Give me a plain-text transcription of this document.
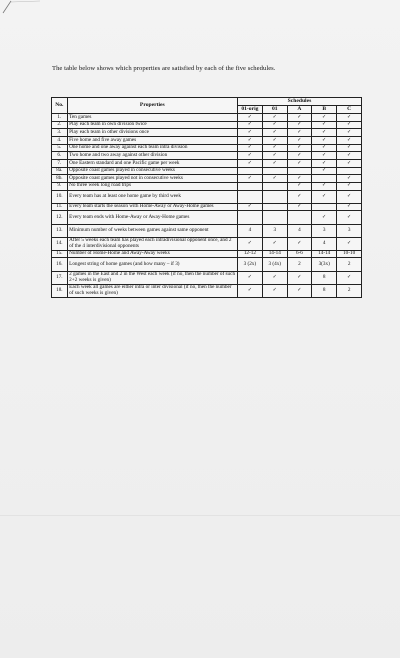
The table below shows which properties are satisfied by each of the five schedules.
No.	Properties	Schedules				
		01-orig	01	A	B	C
1.	Ten games	✓	✓	✓	✓	✓
2.	Play each team in own division twice	✓	✓	✓	✓	✓
3.	Play each team in other divisions once	✓	✓	✓	✓	✓
4.	Five home and five away games	✓	✓	✓	✓	✓
5.	One home and one away against each team intra division	✓	✓	✓	✓	✓
6.	Two home and two away against other division	✓	✓	✓	✓	✓
7.	One Eastern standard and one Pacific game per week	✓	✓	✓	✓	✓
8a.	Opposite coast games played in consecutive weeks				✓	
8b.	Opposite coast games played not in consecutive weeks	✓	✓	✓		✓
9.	No three week long road trips			✓	✓	✓
10.	Every team has at least one home game by third week			✓	✓	✓
11.	Every team starts the season with Home-Away or Away-Home games	✓		✓		✓
12.	Every team ends with Home-Away or Away-Home games				✓	✓
13.	Minimum number of weeks between games against same opponent	4	3	4	3	3
14.	After 5 weeks each team has played each intradivisional opponent once, and 2 of the 4 interdivisional opponents	✓	✓	✓	4	✓
15.	Number of Home-Home and Away-Away weeks	12-12	14-14	6-6	14-14	10-10
16.	Longest string of home games (and how many – if 3)	3 (2x)	3 (4x)	2	3(3x)	2
17.	2 games in the East and 2 in the West each week (if no, then the number of such 2+2 weeks is given)	✓	✓	✓	8	✓
18.	Each week all games are either intra or inter divisional (if no, then the number of such weeks is given)	✓	✓	✓	8	2
